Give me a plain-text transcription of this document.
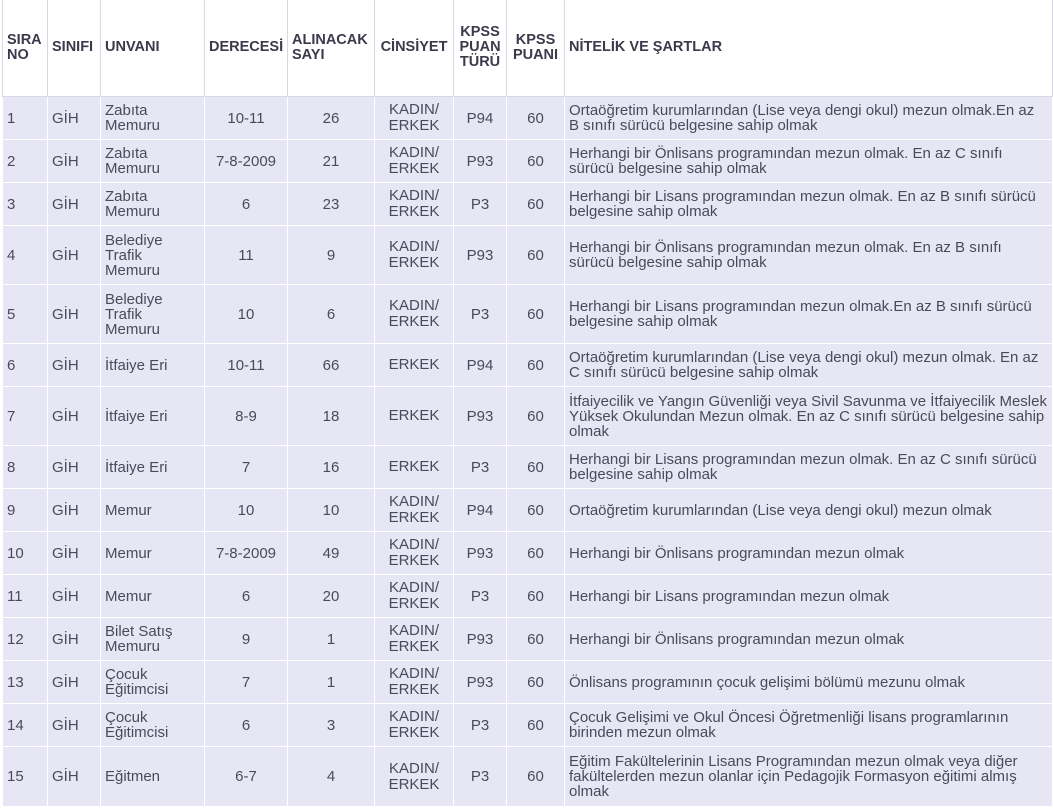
SIRA NO	SINIFI	UNVANI	DERECESİ	ALINACAK SAYI	CİNSİYET	KPSS PUAN TÜRÜ	KPSS PUANI	NİTELİK VE ŞARTLAR
1	GİH	Zabıta Memuru	10-11	26	KADIN/ ERKEK	P94	60	Ortaöğretim kurumlarından (Lise veya dengi okul) mezun olmak.En az B sınıfı sürücü belgesine sahip olmak
2	GİH	Zabıta Memuru	7-8-2009	21	KADIN/ ERKEK	P93	60	Herhangi bir Önlisans programından mezun olmak. En az C sınıfı sürücü belgesine sahip olmak
3	GİH	Zabıta Memuru	6	23	KADIN/ ERKEK	P3	60	Herhangi bir Lisans programından mezun olmak. En az B sınıfı sürücü belgesine sahip olmak
4	GİH	Belediye Trafik Memuru	11	9	KADIN/ ERKEK	P93	60	Herhangi bir Önlisans programından mezun olmak. En az B sınıfı sürücü belgesine sahip olmak
5	GİH	Belediye Trafik Memuru	10	6	KADIN/ ERKEK	P3	60	Herhangi bir Lisans programından mezun olmak.En az B sınıfı sürücü belgesine sahip olmak
6	GİH	İtfaiye Eri	10-11	66	ERKEK	P94	60	Ortaöğretim kurumlarından (Lise veya dengi okul) mezun olmak. En az C sınıfı sürücü belgesine sahip olmak
7	GİH	İtfaiye Eri	8-9	18	ERKEK	P93	60	İtfaiyecilik ve Yangın Güvenliği veya Sivil Savunma ve İtfaiyecilik Meslek Yüksek Okulundan Mezun olmak. En az C sınıfı sürücü belgesine sahip olmak
8	GİH	İtfaiye Eri	7	16	ERKEK	P3	60	Herhangi bir Lisans programından mezun olmak. En az C sınıfı sürücü belgesine sahip olmak
9	GİH	Memur	10	10	KADIN/ ERKEK	P94	60	Ortaöğretim kurumlarından (Lise veya dengi okul) mezun olmak
10	GİH	Memur	7-8-2009	49	KADIN/ ERKEK	P93	60	Herhangi bir Önlisans programından mezun olmak
11	GİH	Memur	6	20	KADIN/ ERKEK	P3	60	Herhangi bir Lisans programından mezun olmak
12	GİH	Bilet Satış Memuru	9	1	KADIN/ ERKEK	P93	60	Herhangi bir Önlisans programından mezun olmak
13	GİH	Çocuk Eğitimcisi	7	1	KADIN/ ERKEK	P93	60	Önlisans programının çocuk gelişimi bölümü mezunu olmak
14	GİH	Çocuk Eğitimcisi	6	3	KADIN/ ERKEK	P3	60	Çocuk Gelişimi ve Okul Öncesi Öğretmenliği lisans programlarının birinden mezun olmak
15	GİH	Eğitmen	6-7	4	KADIN/ ERKEK	P3	60	Eğitim Fakültelerinin Lisans Programından mezun olmak veya diğer fakültelerden mezun olanlar için Pedagojik Formasyon eğitimi almış olmak
